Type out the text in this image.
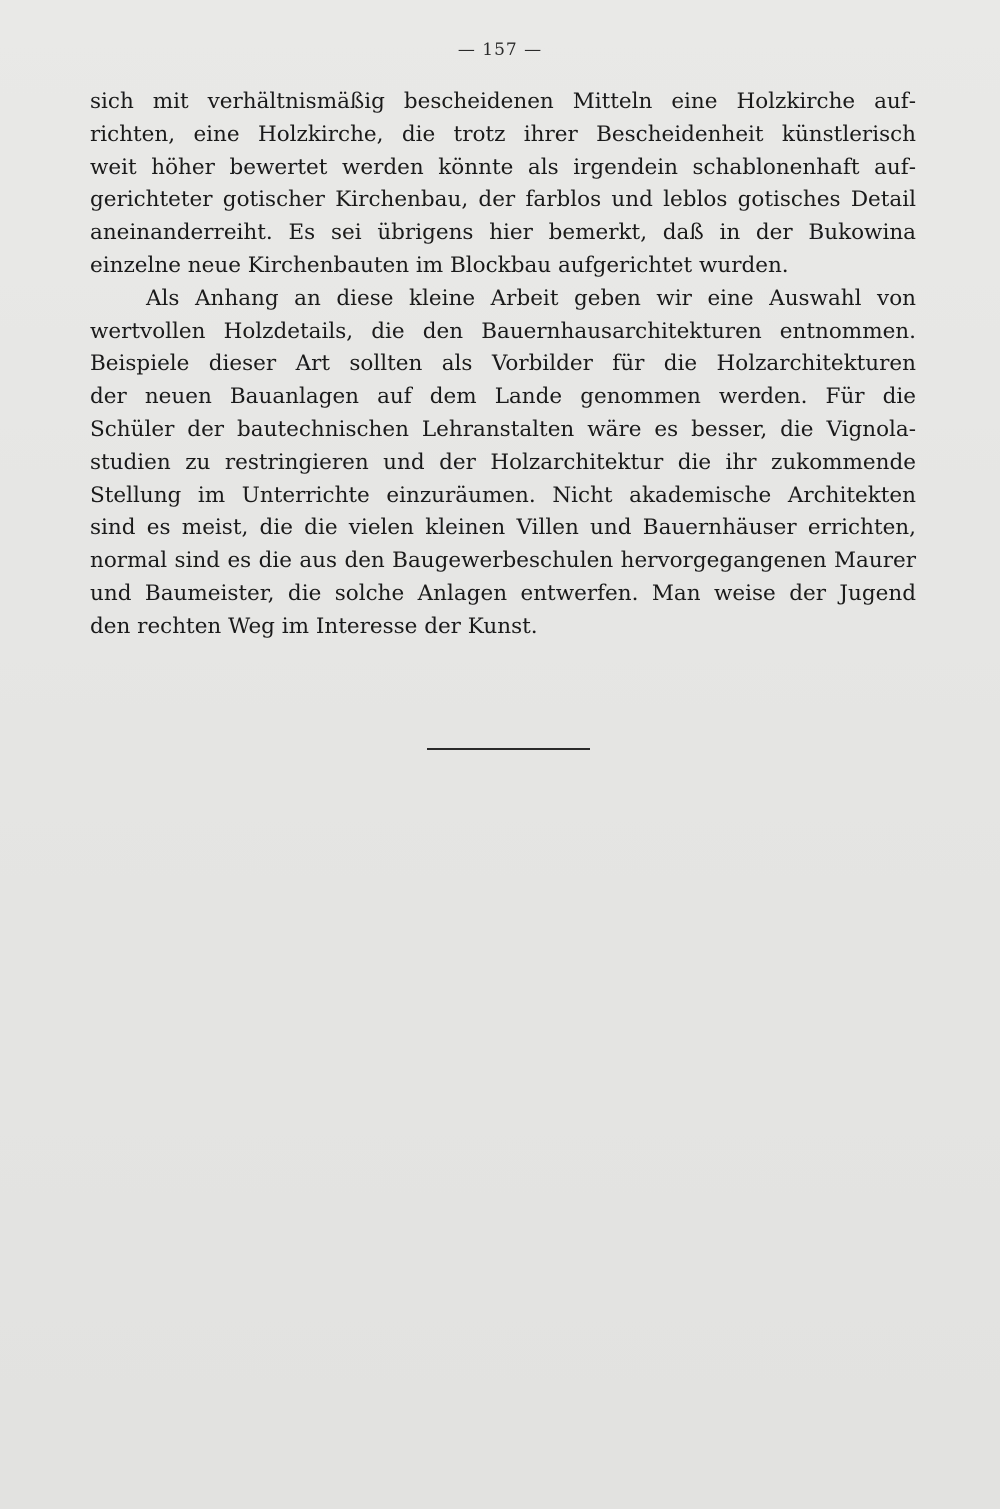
— 157 —
sich mit verhältnismäßig bescheidenen Mitteln eine Holzkirche auf‐
richten, eine Holzkirche, die trotz ihrer Bescheidenheit künstlerisch
weit höher bewertet werden könnte als irgendein schablonenhaft auf‐
gerichteter gotischer Kirchenbau, der farblos und leblos gotisches Detail
aneinanderreiht. Es sei übrigens hier bemerkt, daß in der Bukowina
einzelne neue Kirchenbauten im Blockbau aufgerichtet wurden.
Als Anhang an diese kleine Arbeit geben wir eine Auswahl von
wertvollen Holzdetails, die den Bauernhausarchitekturen entnommen.
Beispiele dieser Art sollten als Vorbilder für die Holzarchitekturen
der neuen Bauanlagen auf dem Lande genommen werden. Für die
Schüler der bautechnischen Lehranstalten wäre es besser, die Vignola‐
studien zu restringieren und der Holzarchitektur die ihr zukommende
Stellung im Unterrichte einzuräumen. Nicht akademische Architekten
sind es meist, die die vielen kleinen Villen und Bauernhäuser errichten,
normal sind es die aus den Baugewerbeschulen hervorgegangenen Maurer
und Baumeister, die solche Anlagen entwerfen. Man weise der Jugend
den rechten Weg im Interesse der Kunst.
